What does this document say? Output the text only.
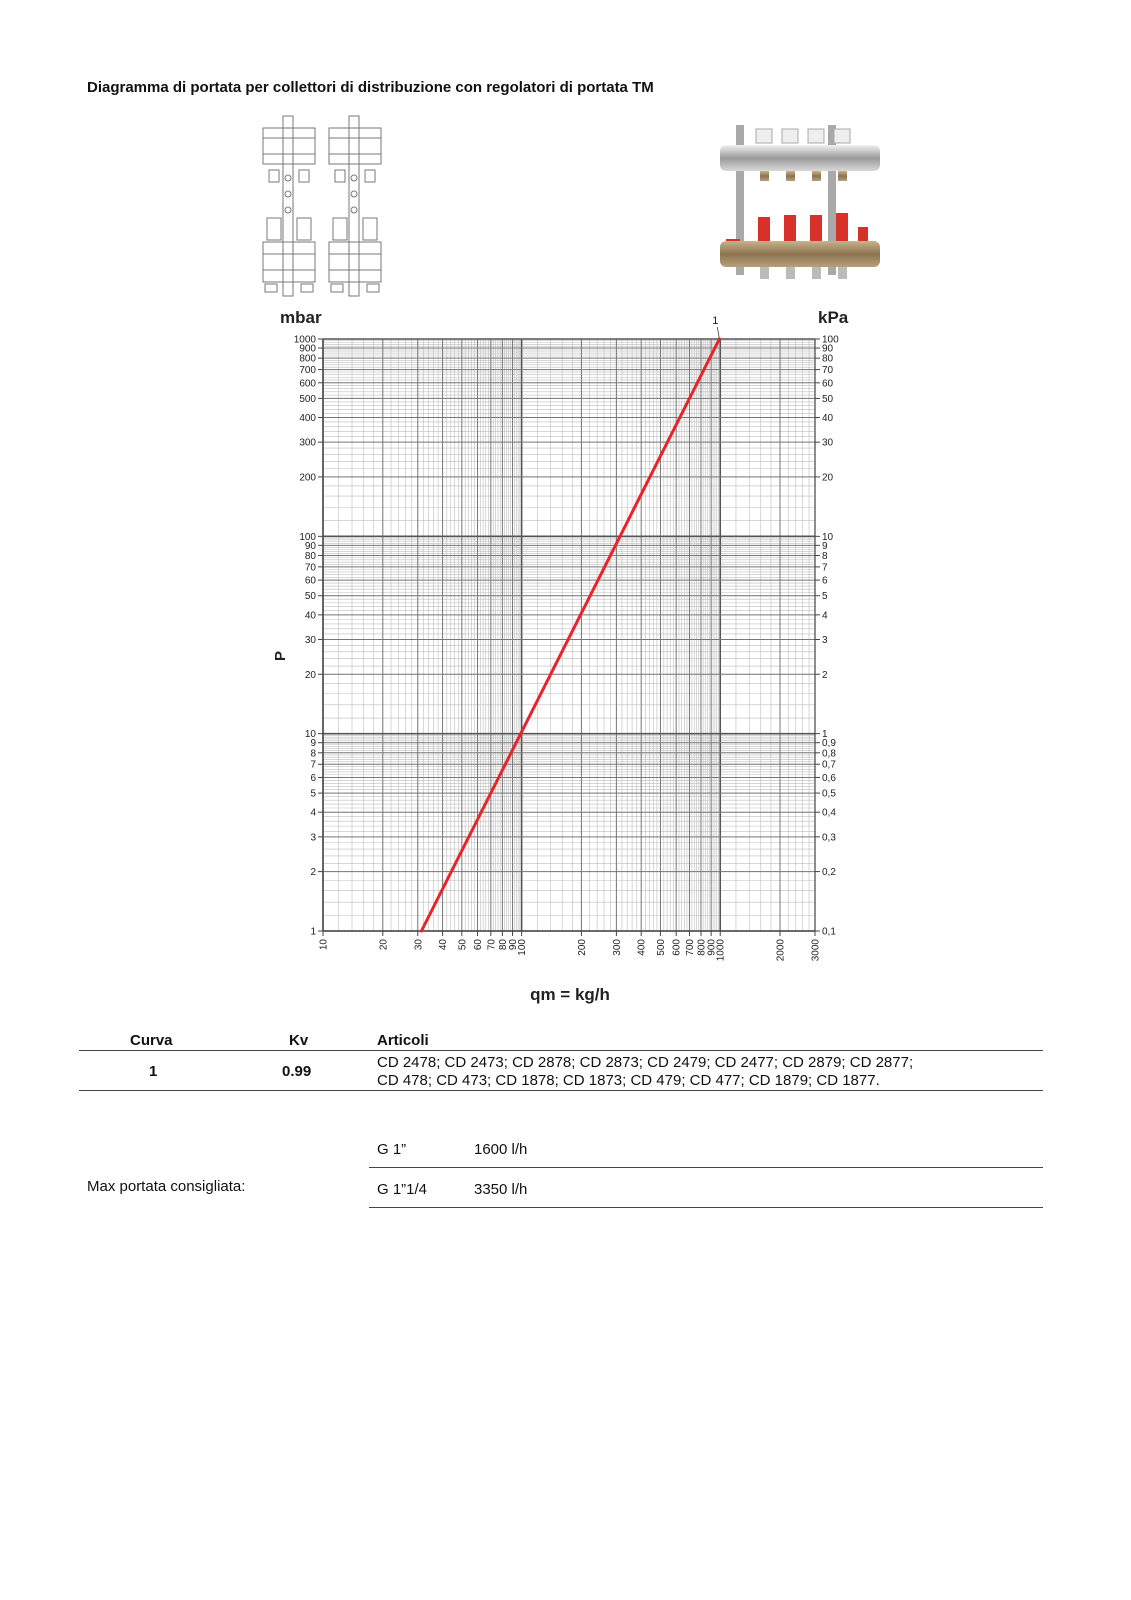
Diagramma di portata per collettori di distribuzione con regolatori di portata TM
mbar	kPa
P
qm = kg/h
1
2
3
4
5
6
7
8
9
10
20
30
40
50
60
70
80
90
100
200
300
400
500
600
700
800
900
1000
0,1
0,2
0,3
0,4
0,5
0,6
0,7
0,8
0,9
1
2
3
4
5
6
7
8
9
10
20
30
40
50
60
70
80
90
100
10	20 30 40 50 60 70 80 90
100	200 300 400 500 600 700 800 900
1000	2000 3000
1
Curva	Kv	Articoli
1	0.99
CD 2478; CD 2473; CD 2878; CD 2873; CD 2479; CD 2477; CD 2879; CD 2877;
CD 478; CD 473; CD 1878; CD 1873; CD 479; CD 477; CD 1879; CD 1877.
Max portata consigliata:
G 1”	1600 l/h
G 1”1/4	3350 l/h
